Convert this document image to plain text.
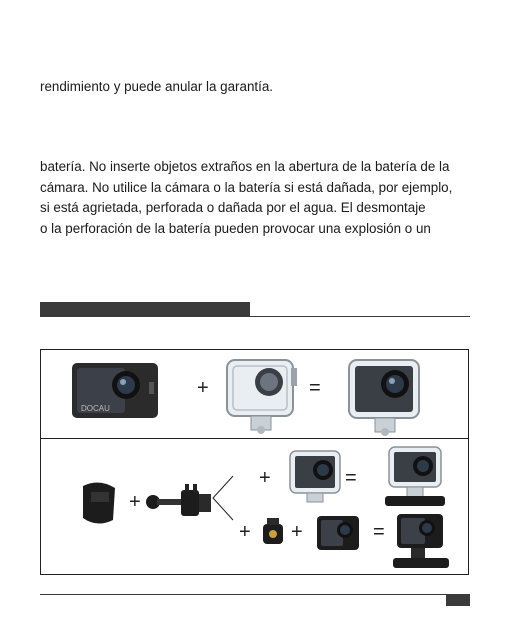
rendimiento y puede anular la garantía.
batería. No inserte objetos extraños en la abertura de la batería de la
cámara. No utilice la cámara o la batería si está dañada, por ejemplo,
si está agrietada, perforada o dañada por el agua. El desmontaje
o la perforación de la batería pueden provocar una explosión o un
DOCAU
+	=
+
+	=
+ +	=
